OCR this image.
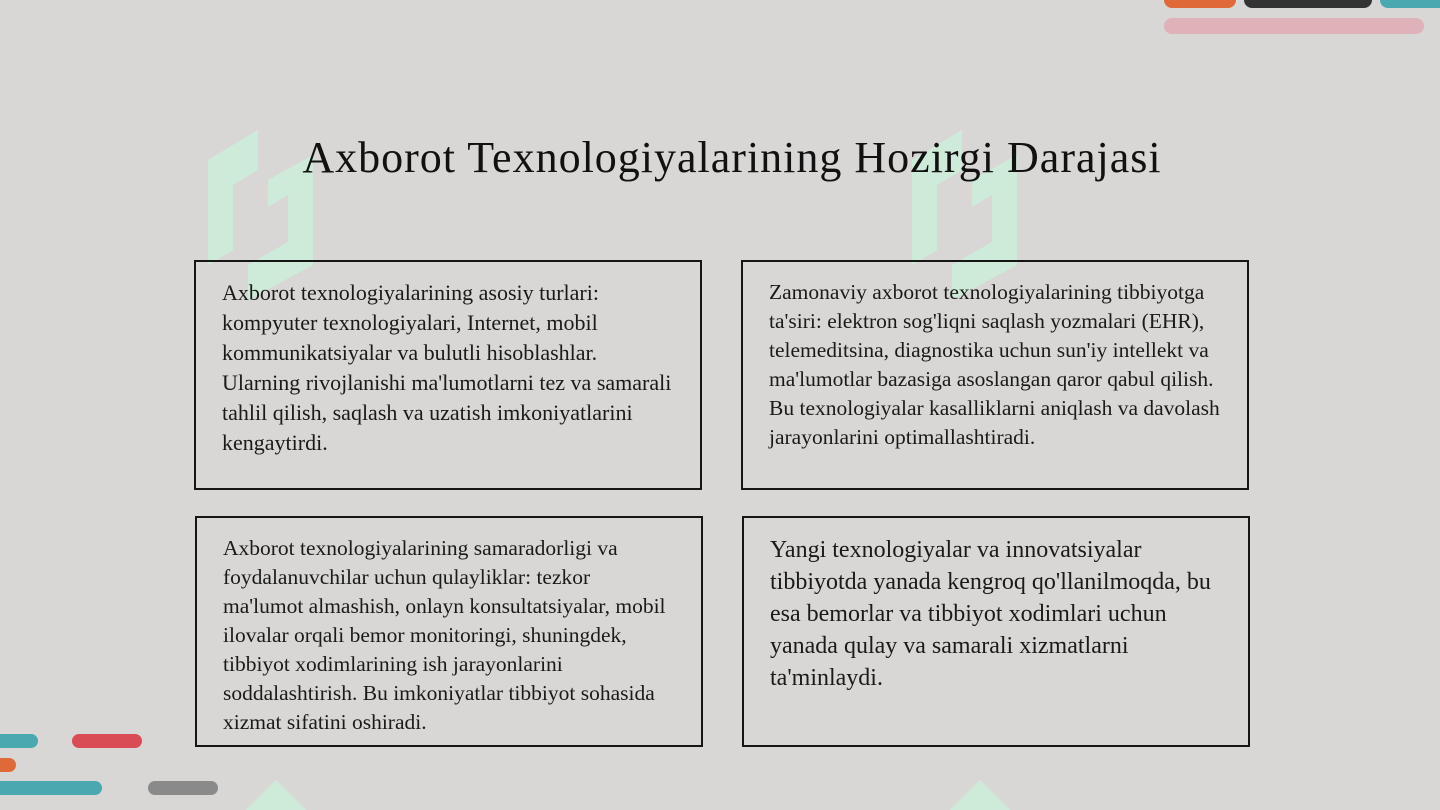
Axborot Texnologiyalarining Hozirgi Darajasi

Axborot texnologiyalarining asosiy turlari: kompyuter texnologiyalari, Internet, mobil kommunikatsiyalar va bulutli hisoblashlar. Ularning rivojlanishi ma'lumotlarni tez va samarali tahlil qilish, saqlash va uzatish imkoniyatlarini kengaytirdi.

Zamonaviy axborot texnologiyalarining tibbiyotga ta'siri: elektron sog'liqni saqlash yozmalari (EHR), telemeditsina, diagnostika uchun sun'iy intellekt va ma'lumotlar bazasiga asoslangan qaror qabul qilish. Bu texnologiyalar kasalliklarni aniqlash va davolash jarayonlarini optimallashtiradi.

Axborot texnologiyalarining samaradorligi va foydalanuvchilar uchun qulayliklar: tezkor ma'lumot almashish, onlayn konsultatsiyalar, mobil ilovalar orqali bemor monitoringi, shuningdek, tibbiyot xodimlarining ish jarayonlarini soddalashtirish. Bu imkoniyatlar tibbiyot sohasida xizmat sifatini oshiradi.

Yangi texnologiyalar va innovatsiyalar tibbiyotda yanada kengroq qo'llanilmoqda, bu esa bemorlar va tibbiyot xodimlari uchun yanada qulay va samarali xizmatlarni ta'minlaydi.
